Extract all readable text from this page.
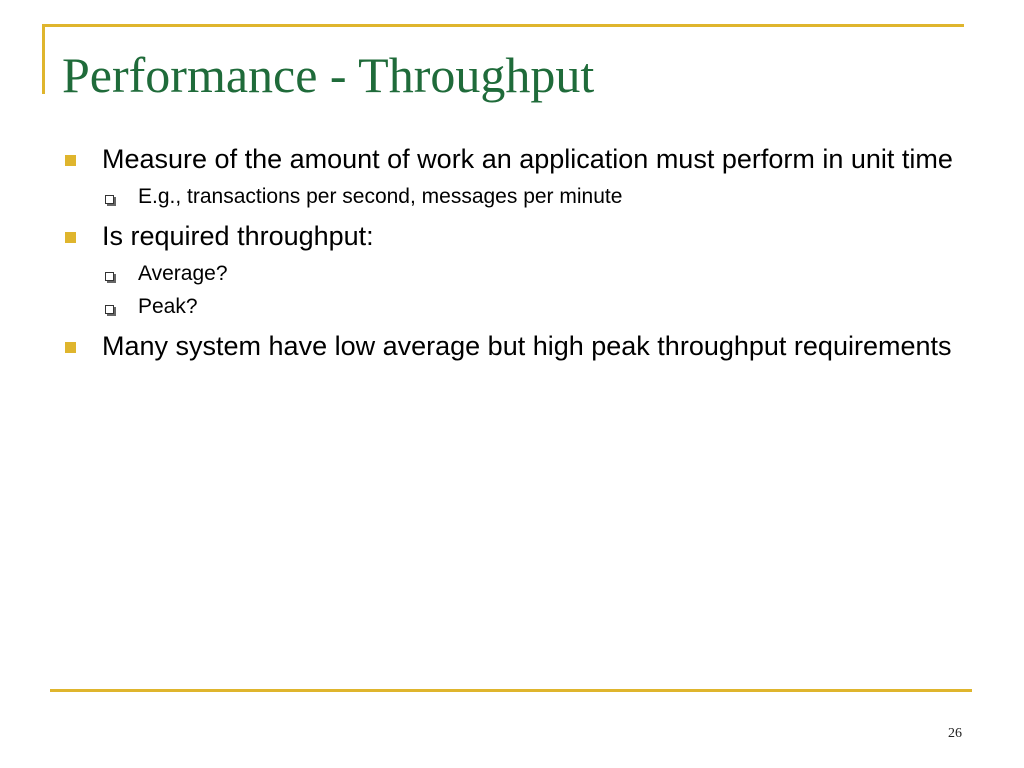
Performance - Throughput
Measure of the amount of work an application must perform in unit time
E.g., transactions per second, messages per minute
Is required throughput:
Average?
Peak?
Many system have low average but high peak throughput requirements
26
